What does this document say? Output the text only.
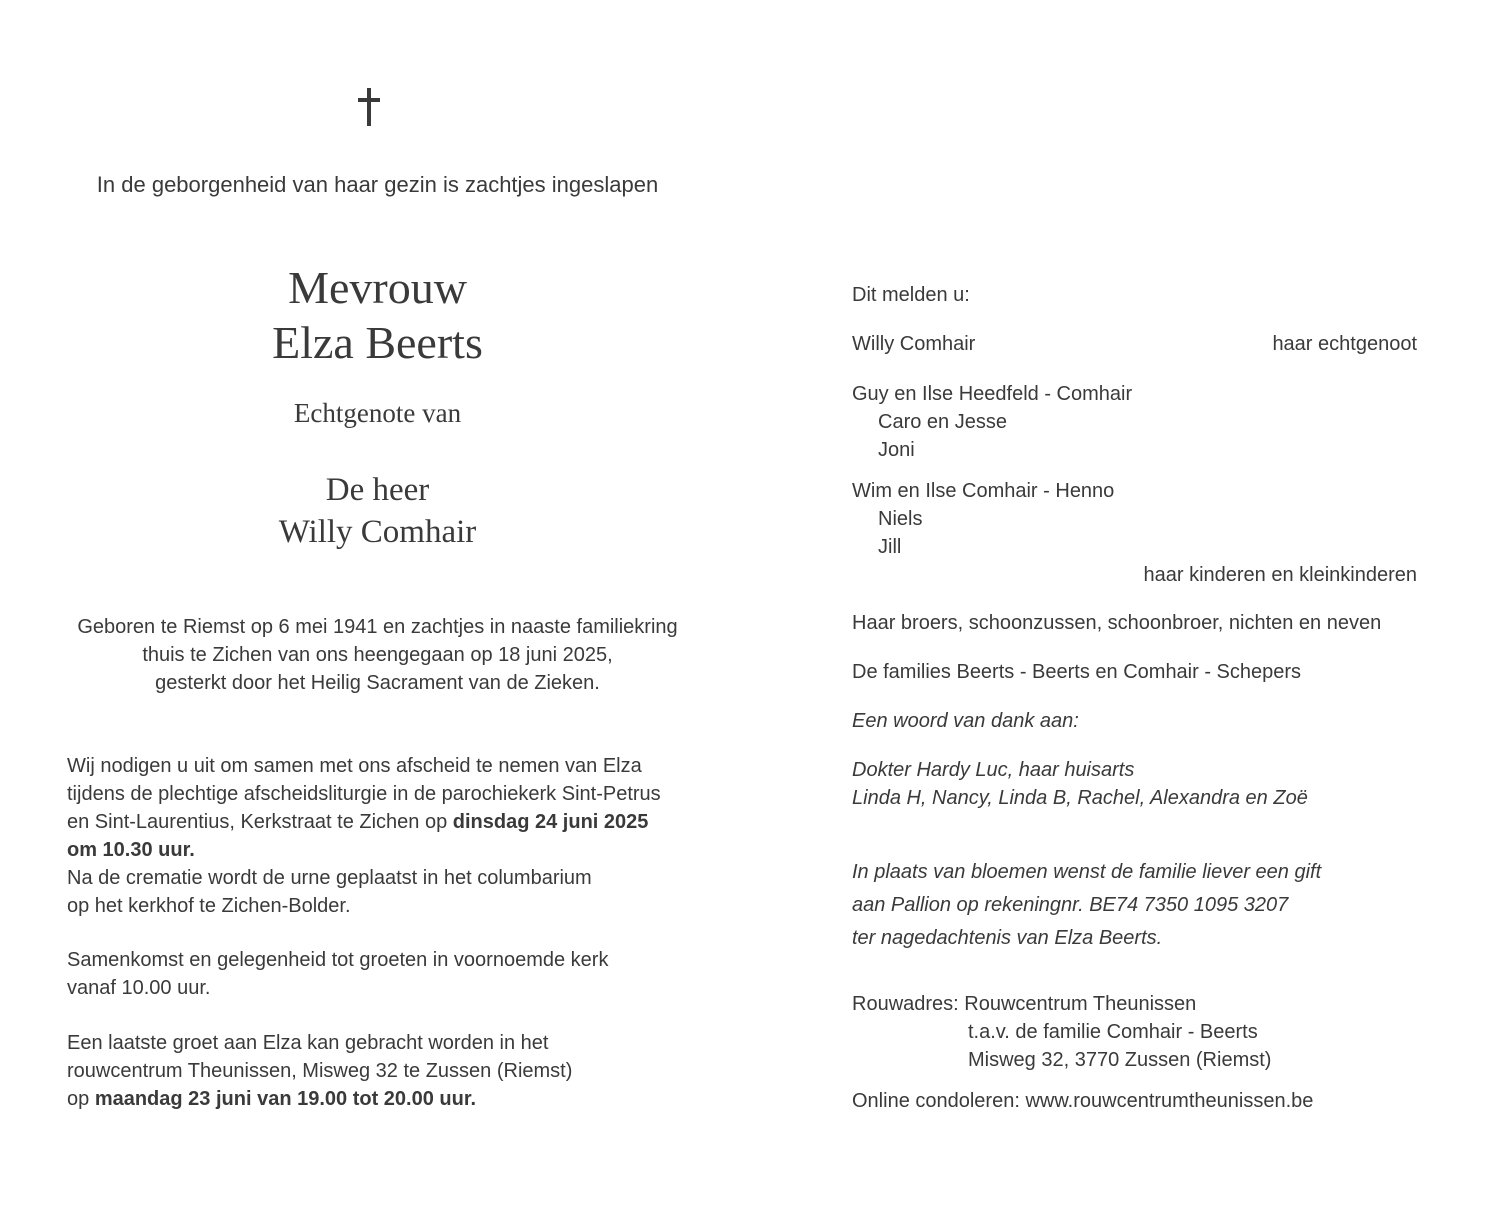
In de geborgenheid van haar gezin is zachtjes ingeslapen
Mevrouw
Elza Beerts
Echtgenote van
De heer
Willy Comhair
Geboren te Riemst op 6 mei 1941 en zachtjes in naaste familiekring
thuis te Zichen van ons heengegaan op 18 juni 2025,
gesterkt door het Heilig Sacrament van de Zieken.

Wij nodigen u uit om samen met ons afscheid te nemen van Elza

tijdens de plechtige afscheidsliturgie in de parochiekerk Sint-Petrus

en Sint-Laurentius, Kerkstraat te Zichen op dinsdag 24 juni 2025

om 10.30 uur.

Na de crematie wordt de urne geplaatst in het columbarium

op het kerkhof te Zichen-Bolder.

Samenkomst en gelegenheid tot groeten in voornoemde kerk

vanaf 10.00 uur.

Een laatste groet aan Elza kan gebracht worden in het

rouwcentrum Theunissen, Misweg 32 te Zussen (Riemst)

op maandag 23 juni van 19.00 tot 20.00 uur.

Dit melden u:
Willy Comhair	haar echtgenoot

Guy en Ilse Heedfeld - Comhair

Caro en Jesse

Joni

Wim en Ilse Comhair - Henno

Niels

Jill

haar kinderen en kleinkinderen

Haar broers, schoonzussen, schoonbroer, nichten en neven
De families Beerts - Beerts en Comhair - Schepers
Een woord van dank aan:

Dokter Hardy Luc, haar huisarts

Linda H, Nancy, Linda B, Rachel, Alexandra en Zoë

In plaats van bloemen wenst de familie liever een gift

aan Pallion op rekeningnr. BE74 7350 1095 3207

ter nagedachtenis van Elza Beerts.

Rouwadres: Rouwcentrum Theunissen

t.a.v. de familie Comhair - Beerts

Misweg 32, 3770 Zussen (Riemst)

Online condoleren: www.rouwcentrumtheunissen.be
